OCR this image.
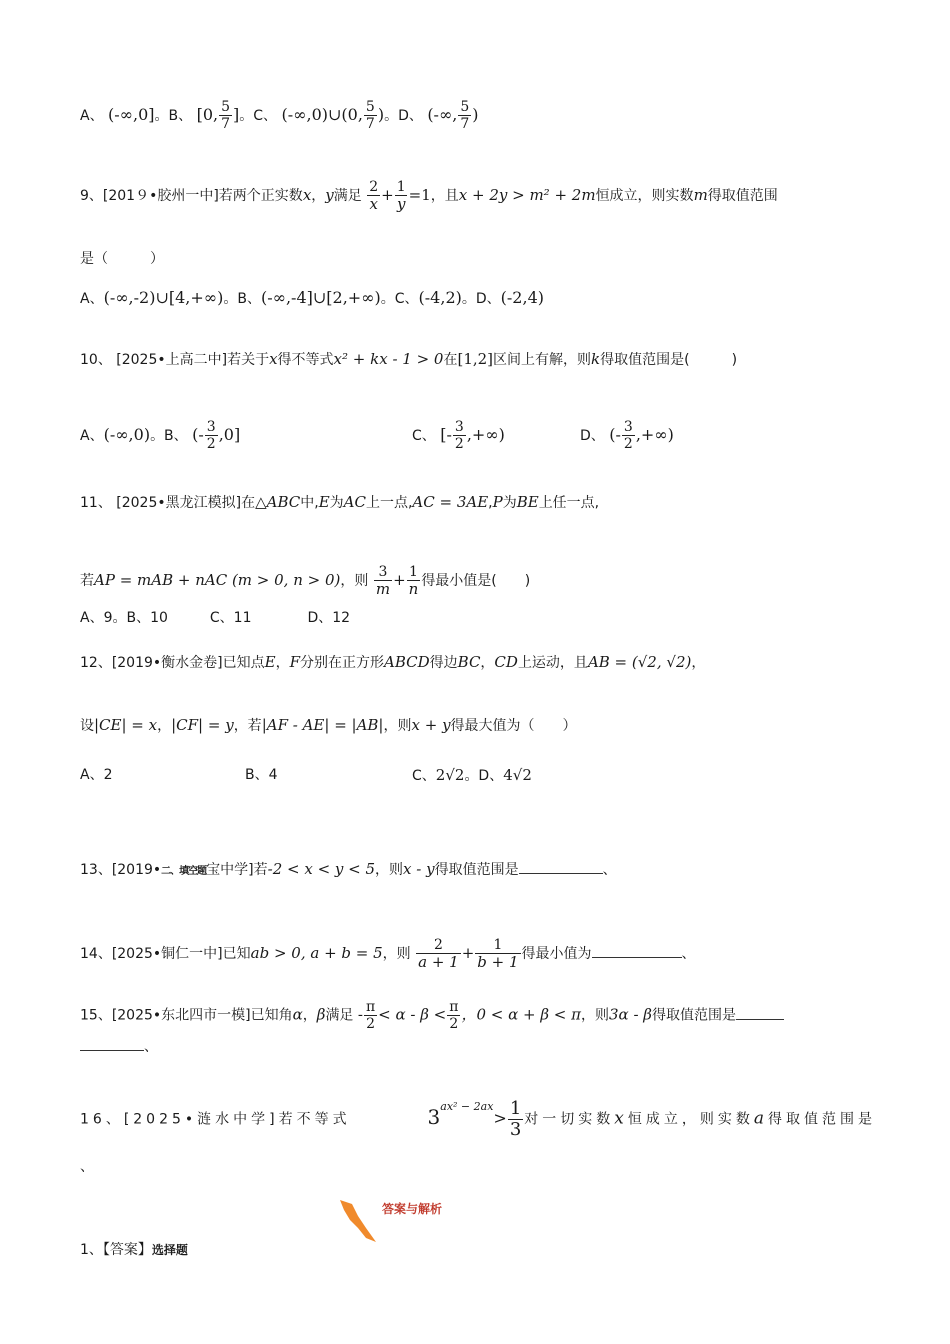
A、 (-∞,0]。B、 [0, $\frac{5}{7}$ ]。C、 (-∞,0)∪(0, $\frac{5}{7}$ )。D、 (-∞, $\frac{5}{7}$ )
9、[201９•胶州一中]若两个正实数x，y满足 $\frac{2}{x} + \frac{1}{y} =1$，且x + 2y > m² + 2m恒成立，则实数m得取值范围
是（　　　）
A、(-∞,-2)∪[4,+∞)。B、(-∞,-4]∪[2,+∞)。C、(-4,2)。D、(-2,4)
10、 [2025•上高二中]若关于x得不等式x² + kx - 1 > 0在[1,2]区间上有解，则k得取值范围是(　　　)
A、(-∞,0)。B、 (- $\frac{3}{2} ,0$]	C、 [- $\frac{3}{2}$ ,+∞)	D、 (- $\frac{3}{2}$ ,+∞)
11、 [2025•黑龙江模拟]在△ABC中,E为AC上一点,AC = 3AE,P为BE上任一点,
若AP = mAB + nAC (m > 0, n > 0)，则 $\frac{3}{m} + \frac{1}{n}$ 得最小值是(　　)
A、9。B、10　　　C、11　　　　D、12
12、[2019•衡水金卷]已知点E，F分别在正方形ABCD得边BC，CD上运动，且AB = (√2, √2)，
设|CE| = x，|CF| = y，若|AF - AE| = |AB|，则x + y得最大值为（　　）
A、2	B、4	C、2√2。D、4√2
13、[2019•二、填空题宝中学]若-2 < x < y < 5，则x - y得取值范围是	、
14、[2025•铜仁一中]已知ab > 0, a + b = 5，则 $\frac{2}{a + 1} + \frac{1}{b + 1}$ 得最小值为	、
15、[2025•东北四市一模]已知角α，β满足 - $\frac{\pi}{2} < \alpha - \beta < \frac{\pi}{2}$ ，0 < α + β < π，则3α - β得取值范围是
、
16、[2025•涟水中学]若不等式	$3^{ax^2 - 2ax}> \frac{1}{3}$ 对一切实数x恒成立，则实数a得取值范围是
、
答案与解析
1、【答案】选择题
